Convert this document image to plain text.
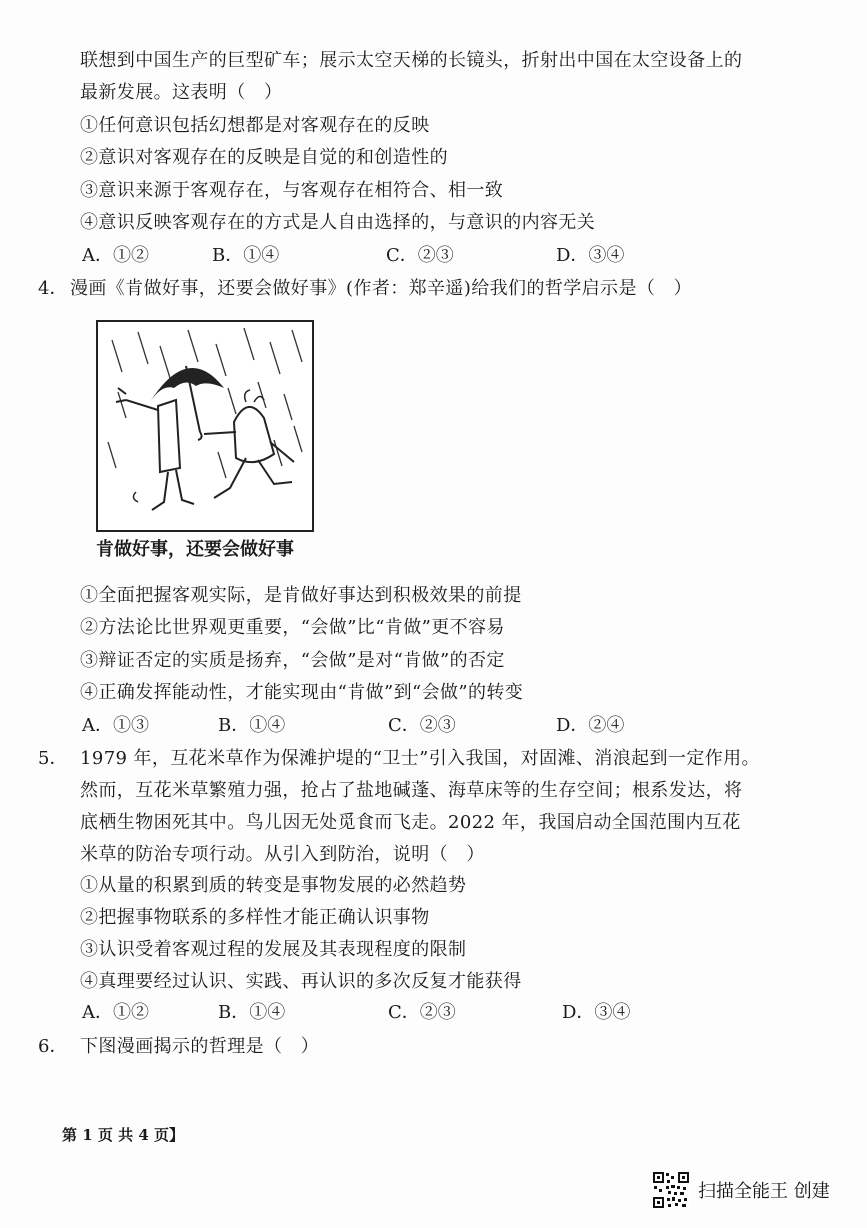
联想到中国生产的巨型矿车；展示太空天梯的长镜头，折射出中国在太空设备上的
最新发展。这表明（　）
①任何意识包括幻想都是对客观存在的反映
②意识对客观存在的反映是自觉的和创造性的
③意识来源于客观存在，与客观存在相符合、相一致
④意识反映客观存在的方式是人自由选择的，与意识的内容无关
A．①②	B．①④	C．②③	D．③④
4． 漫画《肯做好事，还要会做好事》(作者：郑辛遥)给我们的哲学启示是（　）
肯做好事，还要会做好事
①全面把握客观实际，是肯做好事达到积极效果的前提
②方法论比世界观更重要，“会做”比“肯做”更不容易
③辩证否定的实质是扬弃，“会做”是对“肯做”的否定
④正确发挥能动性，才能实现由“肯做”到“会做”的转变
A．①③	B．①④	C．②③	D．②④
5． 1979 年，互花米草作为保滩护堤的“卫士”引入我国，对固滩、消浪起到一定作用。
然而，互花米草繁殖力强，抢占了盐地碱蓬、海草床等的生存空间；根系发达，将
底栖生物困死其中。鸟儿因无处觅食而飞走。2022 年，我国启动全国范围内互花
米草的防治专项行动。从引入到防治，说明（　）
①从量的积累到质的转变是事物发展的必然趋势
②把握事物联系的多样性才能正确认识事物
③认识受着客观过程的发展及其表现程度的限制
④真理要经过认识、实践、再认识的多次反复才能获得
A．①②	B．①④	C．②③	D．③④
6． 下图漫画揭示的哲理是（　）
第 1 页 共 4 页】
扫描全能王 创建
